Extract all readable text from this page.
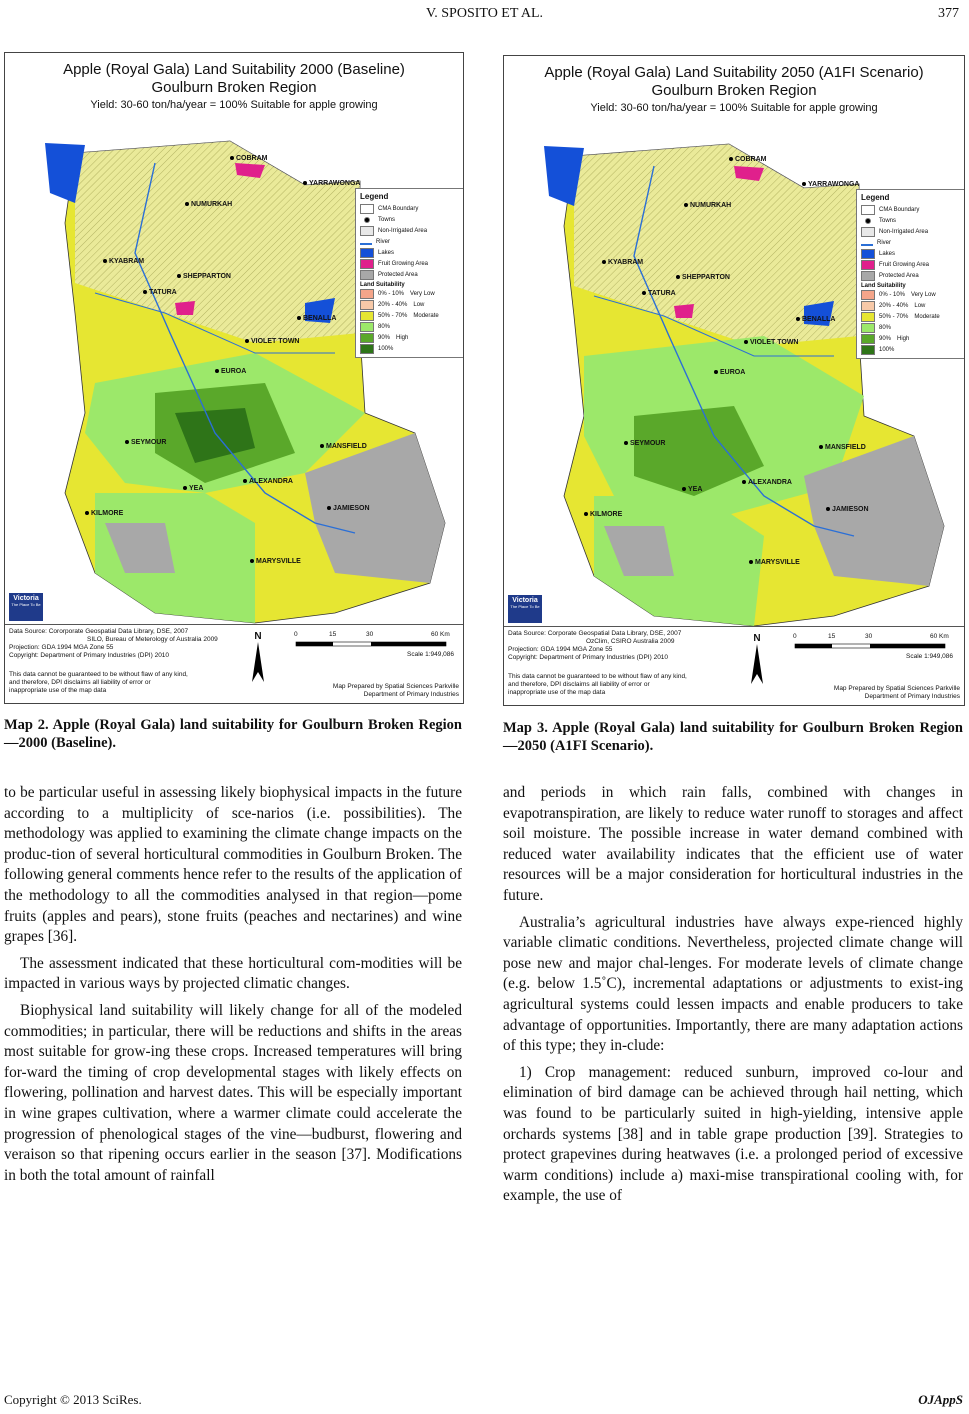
V. SPOSITO ET AL.	377
Apple (Royal Gala) Land Suitability 2000 (Baseline)
Goulburn Broken Region
Yield: 30-60 ton/ha/year = 100% Suitable for apple growing
COBRAM
YARRAWONGA
NUMURKAH
KYABRAM
SHEPPARTON
TATURA
BENALLA
VIOLET TOWN
EUROA
SEYMOUR
MANSFIELD
ALEXANDRA
YEA
JAMIESON
KILMORE
MARYSVILLE
Legend
CMA Boundary
Towns
Non-Irrigated Area
River
Lakes
Fruit Growing Area
Protected Area
Land Suitability
0% - 10% Very Low
20% - 40% Low
50% - 70% Moderate
80%
90% High
100%
Victoria
The Place To Be
Data Source: Cororporate Geospatial Data Library, DSE, 2007
SILO, Bureau of Meterology of Australia 2009
Projection: GDA 1994 MGA Zone 55
Copyright: Department of Primary Industries (DPI) 2010
This data cannot be guaranteed to be without flaw of any kind,
and therefore, DPI disclaims all liability of error or
inappropriate use of the map data
N	0	15	30	60 Km
Scale 1:949,086
Map Prepared by Spatial Sciences Parkville
Department of Primary Industries
Apple (Royal Gala) Land Suitability 2050 (A1FI Scenario)
Goulburn Broken Region
Yield: 30-60 ton/ha/year = 100% Suitable for apple growing
COBRAM
YARRAWONGA
NUMURKAH
KYABRAM
SHEPPARTON
TATURA
BENALLA
VIOLET TOWN
EUROA
SEYMOUR
MANSFIELD
ALEXANDRA
YEA
JAMIESON
KILMORE
MARYSVILLE
Legend
CMA Boundary
Towns
Non-Irrigated Area
River
Lakes
Fruit Growing Area
Protected Area
Land Suitability
0% - 10% Very Low
20% - 40% Low
50% - 70% Moderate
80%
90% High
100%
Victoria
The Place To Be
Data Source: Corporate Geospatial Data Library, DSE, 2007
OzClim, CSIRO Australia 2009
Projection: GDA 1994 MGA Zone 55
Copyright: Department of Primary Industries (DPI) 2010
This data cannot be guaranteed to be without flaw of any kind,
and therefore, DPI disclaims all liability of error or
inappropriate use of the map data
N	0	15	30	60 Km
Scale 1:949,086
Map Prepared by Spatial Sciences Parkville
Department of Primary Industries
Map 2. Apple (Royal Gala) land suitability for Goulburn Broken Region—2000 (Baseline).
Map 3. Apple (Royal Gala) land suitability for Goulburn Broken Region—2050 (A1FI Scenario).

to be particular useful in assessing likely biophysical impacts in the future according to a multiplicity of sce-narios (i.e. possibilities). The methodology was applied to examining the climate change impacts on the produc-tion of several horticultural commodities in Goulburn Broken. The following general comments hence refer to the results of the application of the methodology to all the commodities analysed in that region—pome fruits (apples and pears), stone fruits (peaches and nectarines) and wine grapes [36].

The assessment indicated that these horticultural com-modities will be impacted in various ways by projected climatic changes.

Biophysical land suitability will likely change for all of the modeled commodities; in particular, there will be reductions and shifts in the areas most suitable for grow-ing these crops. Increased temperatures will bring for-ward the timing of crop developmental stages with likely effects on flowering, pollination and harvest dates. This will be especially important in wine grapes cultivation, where a warmer climate could accelerate the progression of phenological stages of the vine—budburst, flowering and veraison so that ripening occurs earlier in the season [37]. Modifications in both the total amount of rainfall

and periods in which rain falls, combined with changes in evapotranspiration, are likely to reduce water runoff to storages and affect soil moisture. The possible increase in water demand combined with reduced water availability indicates that the efficient use of water resources will be a major consideration for horticultural industries in the future.

Australia’s agricultural industries have always expe-rienced highly variable climatic conditions. Nevertheless, projected climate change will pose new and major chal-lenges. For moderate levels of climate change (e.g. below 1.5˚C), incremental adaptations or adjustments to exist-ing agricultural systems could lessen impacts and enable producers to take advantage of opportunities. Importantly, there are many adaptation actions of this type; they in-clude:

1) Crop management: reduced sunburn, improved co-lour and elimination of bird damage can be achieved through hail netting, which was found to be particularly suited in high-yielding, intensive apple orchards systems [38] and in table grape production [39]. Strategies to protect grapevines during heatwaves (i.e. a prolonged period of excessive warm conditions) include a) maxi-mise transpirational cooling with, for example, the use of

Copyright © 2013 SciRes.	OJAppS
